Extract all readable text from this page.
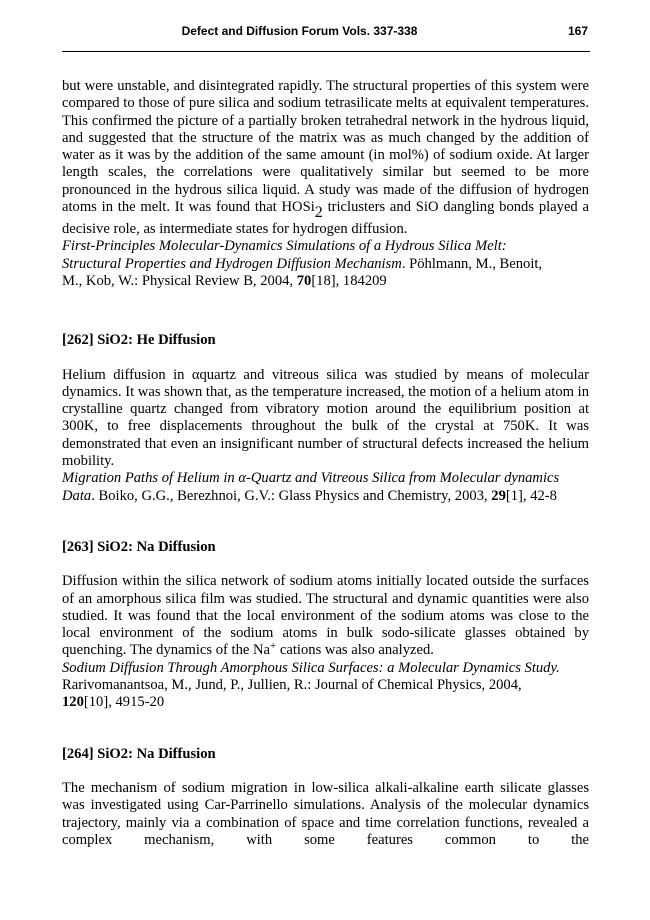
Defect and Diffusion Forum Vols. 337-338	167

but were unstable, and disintegrated rapidly. The structural properties of this system were compared to those of pure silica and sodium tetrasilicate melts at equivalent temperatures. This confirmed the picture of a partially broken tetrahedral network in the hydrous liquid, and suggested that the structure of the matrix was as much changed by the addition of water as it was by the addition of the same amount (in mol%) of sodium oxide. At larger length scales, the correlations were qualitatively similar but seemed to be more pronounced in the hydrous silica liquid. A study was made of the diffusion of hydrogen atoms in the melt. It was found that HOSi$_2$ triclusters and SiO dangling bonds played a decisive role, as intermediate states for hydrogen diffusion.

First-Principles Molecular-Dynamics Simulations of a Hydrous Silica Melt:
Structural Properties and Hydrogen Diffusion Mechanism. Pöhlmann, M., Benoit,
M., Kob, W.: Physical Review B, 2004, 70[18], 184209

[262] SiO2: He Diffusion

Helium diffusion in αquartz and vitreous silica was studied by means of molecular dynamics. It was shown that, as the temperature increased, the motion of a helium atom in crystalline quartz changed from vibratory motion around the equilibrium position at 300K, to free displacements throughout the bulk of the crystal at 750K. It was demonstrated that even an insignificant number of structural defects increased the helium mobility.

Migration Paths of Helium in α-Quartz and Vitreous Silica from Molecular dynamics
Data. Boiko, G.G., Berezhnoi, G.V.: Glass Physics and Chemistry, 2003, 29[1], 42-8

[263] SiO2: Na Diffusion

Diffusion within the silica network of sodium atoms initially located outside the surfaces of an amorphous silica film was studied. The structural and dynamic quantities were also studied. It was found that the local environment of the sodium atoms was close to the local environment of the sodium atoms in bulk sodo-silicate glasses obtained by quenching. The dynamics of the Na+ cations was also analyzed.

Sodium Diffusion Through Amorphous Silica Surfaces: a Molecular Dynamics Study.
Rarivomanantsoa, M., Jund, P., Jullien, R.: Journal of Chemical Physics, 2004,
120[10], 4915-20

[264] SiO2: Na Diffusion

The mechanism of sodium migration in low-silica alkali-alkaline earth silicate glasses was investigated using Car-Parrinello simulations. Analysis of the molecular dynamics trajectory, mainly via a combination of space and time correlation functions, revealed a complex mechanism, with some features common to the
